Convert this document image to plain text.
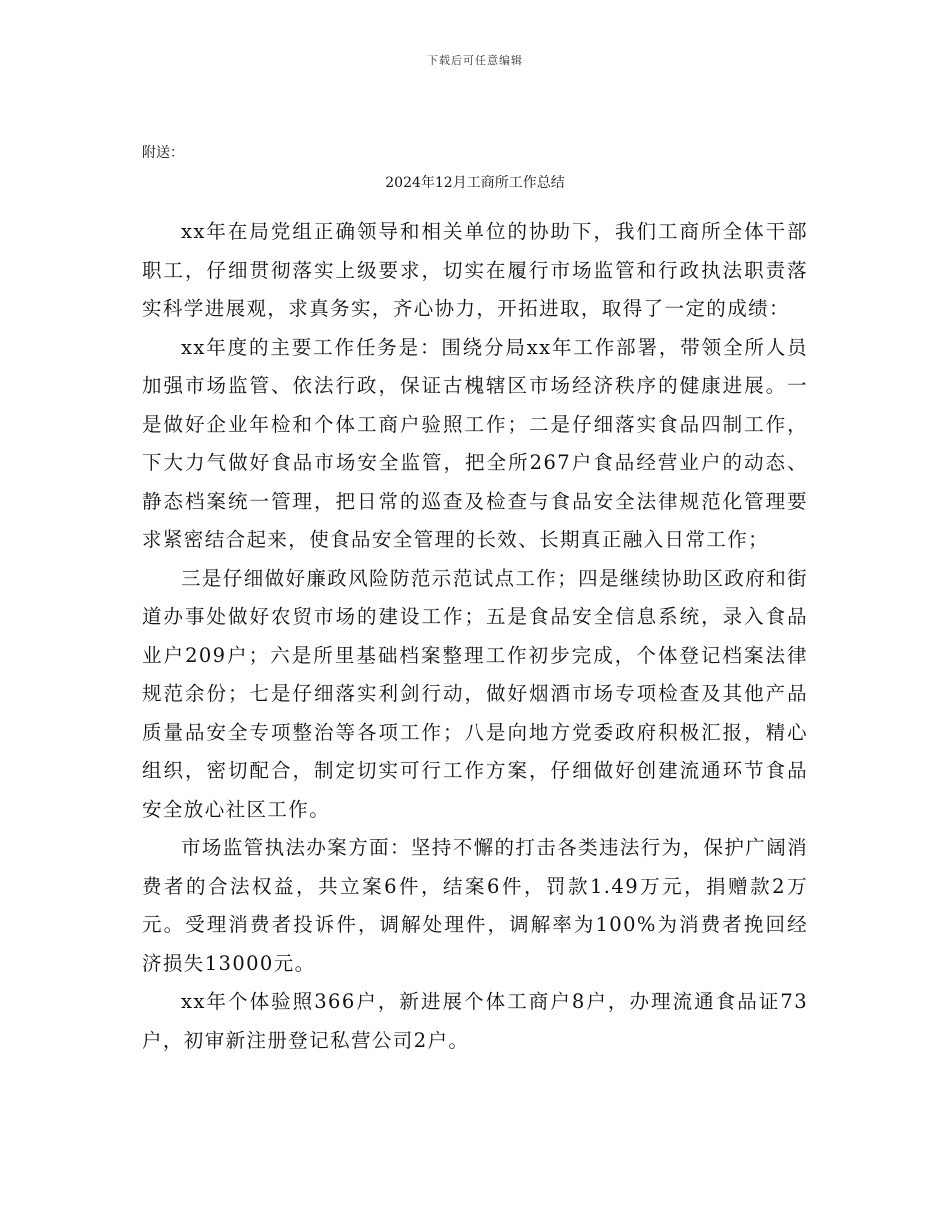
下载后可任意编辑
附送：
2024年12月工商所工作总结

xx年在局党组正确领导和相关单位的协助下，我们工商所全体干部职工，仔细贯彻落实上级要求，切实在履行市场监管和行政执法职责落实科学进展观，求真务实，齐心协力，开拓进取，取得了一定的成绩：

xx年度的主要工作任务是：围绕分局xx年工作部署，带领全所人员加强市场监管、依法行政，保证古槐辖区市场经济秩序的健康进展。一是做好企业年检和个体工商户验照工作；二是仔细落实食品四制工作，下大力气做好食品市场安全监管，把全所267户食品经营业户的动态、静态档案统一管理，把日常的巡查及检查与食品安全法律规范化管理要求紧密结合起来，使食品安全管理的长效、长期真正融入日常工作；

三是仔细做好廉政风险防范示范试点工作；四是继续协助区政府和街道办事处做好农贸市场的建设工作；五是食品安全信息系统，录入食品业户209户；六是所里基础档案整理工作初步完成，个体登记档案法律规范余份；七是仔细落实利剑行动，做好烟酒市场专项检查及其他产品质量品安全专项整治等各项工作；八是向地方党委政府积极汇报，精心组织，密切配合，制定切实可行工作方案，仔细做好创建流通环节食品安全放心社区工作。

市场监管执法办案方面：坚持不懈的打击各类违法行为，保护广阔消费者的合法权益，共立案6件，结案6件，罚款1.49万元，捐赠款2万元。受理消费者投诉件，调解处理件，调解率为100%为消费者挽回经济损失13000元。

xx年个体验照366户，新进展个体工商户8户，办理流通食品证73户，初审新注册登记私营公司2户。
